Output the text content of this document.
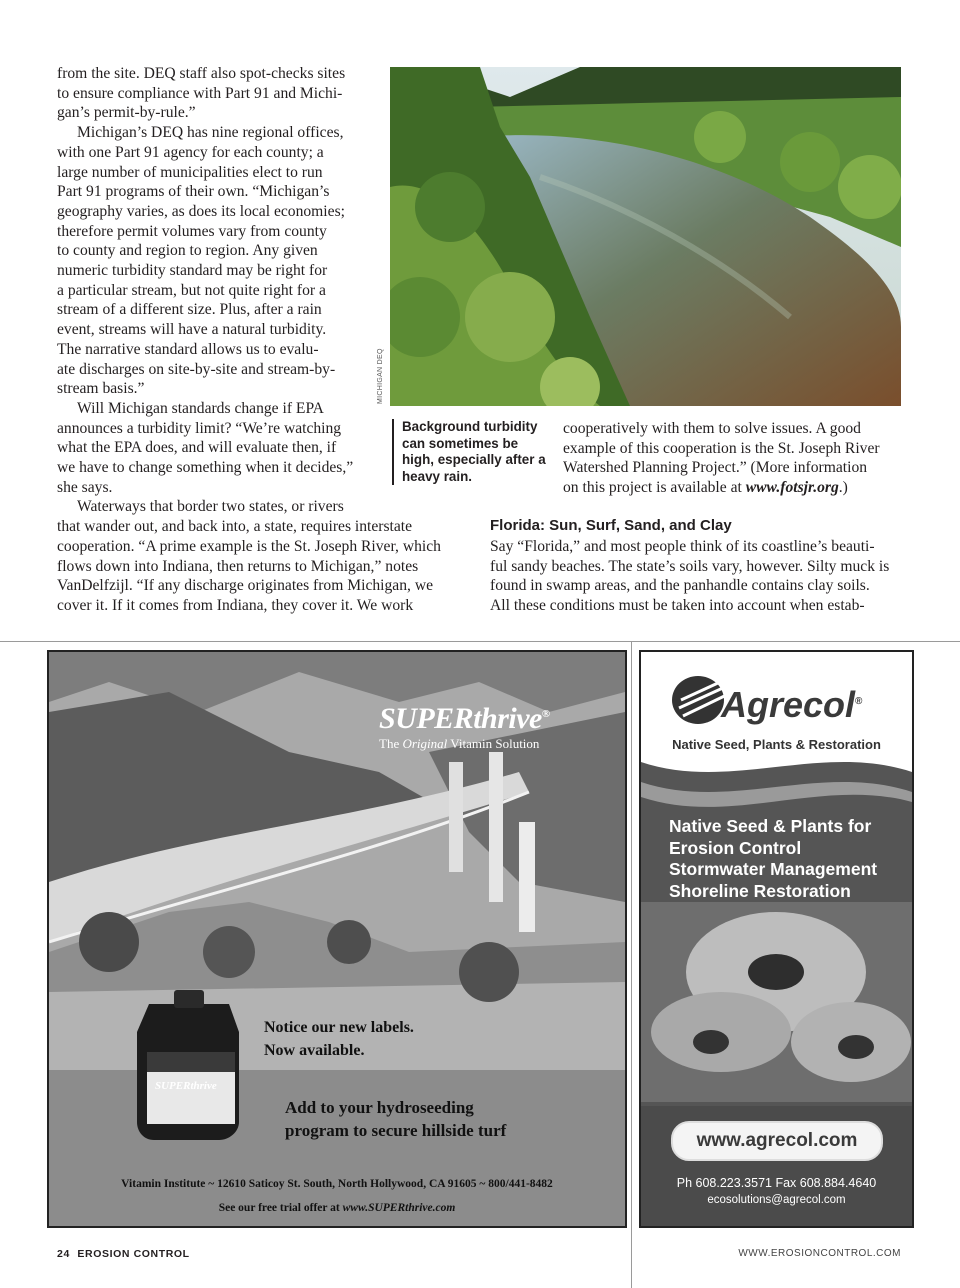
from the site. DEQ staff also spot-checks sites
to ensure compliance with Part 91 and Michi-
gan’s permit-by-rule.”
Michigan’s DEQ has nine regional offices,
with one Part 91 agency for each county; a
large number of municipalities elect to run
Part 91 programs of their own. “Michigan’s
geography varies, as does its local economies;
therefore permit volumes vary from county
to county and region to region. Any given
numeric turbidity standard may be right for
a particular stream, but not quite right for a
stream of a different size. Plus, after a rain
event, streams will have a natural turbidity.
The narrative standard allows us to evalu-
ate discharges on site-by-site and stream-by-
stream basis.”
Will Michigan standards change if EPA
announces a turbidity limit? “We’re watching
what the EPA does, and will evaluate then, if
we have to change something when it decides,”
she says.
Waterways that border two states, or rivers
that wander out, and back into, a state, requires interstate
cooperation. “A prime example is the St. Joseph River, which
flows down into Indiana, then returns to Michigan,” notes
VanDelfzijl. “If any discharge originates from Michigan, we
cover it. If it comes from Indiana, they cover it. We work
MICHIGAN DEQ
Background turbidity can sometimes be high, especially after a heavy rain.
cooperatively with them to solve issues. A good
example of this cooperation is the St. Joseph River
Watershed Planning Project.” (More information
on this project is available at www.fotsjr.org.)
Florida: Sun, Surf, Sand, and Clay
Say “Florida,” and most people think of its coastline’s beauti-
ful sandy beaches. The state’s soils vary, however. Silty muck is
found in swamp areas, and the panhandle contains clay soils.
All these conditions must be taken into account when estab-
SUPERthrive®
The Original Vitamin Solution
Notice our new labels.
Now available.
SUPERthrive
Add to your hydroseeding
program to secure hillside turf
Vitamin Institute ~ 12610 Saticoy St. South, North Hollywood, CA 91605 ~ 800/441-8482
See our free trial offer at www.SUPERthrive.com
Agrecol®
Native Seed, Plants & Restoration
Native Seed & Plants for
Erosion Control
Stormwater Management
Shoreline Restoration
www.agrecol.com
Ph 608.223.3571 Fax 608.884.4640
ecosolutions@agrecol.com
24 EROSION CONTROL	WWW.EROSIONCONTROL.COM
